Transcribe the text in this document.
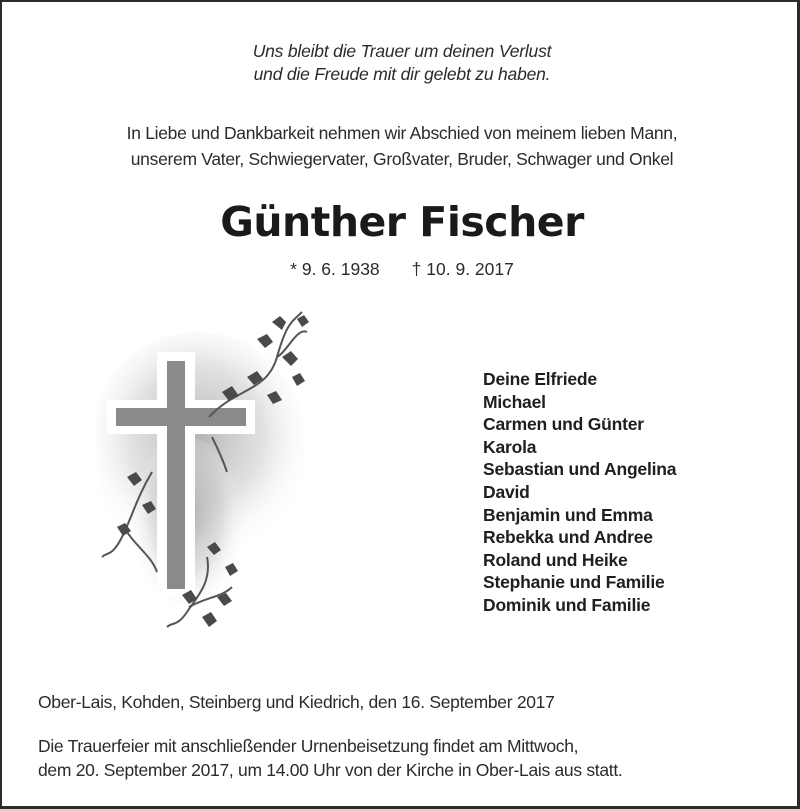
Uns bleibt die Trauer um deinen Verlust
und die Freude mit dir gelebt zu haben.
In Liebe und Dankbarkeit nehmen wir Abschied von meinem lieben Mann,
unserem Vater, Schwiegervater, Großvater, Bruder, Schwager und Onkel
Günther Fischer
* 9. 6. 1938 † 10. 9. 2017
Deine Elfriede
Michael
Carmen und Günter
Karola
Sebastian und Angelina
David
Benjamin und Emma
Rebekka und Andree
Roland und Heike
Stephanie und Familie
Dominik und Familie
Ober-Lais, Kohden, Steinberg und Kiedrich, den 16. September 2017
Die Trauerfeier mit anschließender Urnenbeisetzung findet am Mittwoch,
dem 20. September 2017, um 14.00 Uhr von der Kirche in Ober-Lais aus statt.
